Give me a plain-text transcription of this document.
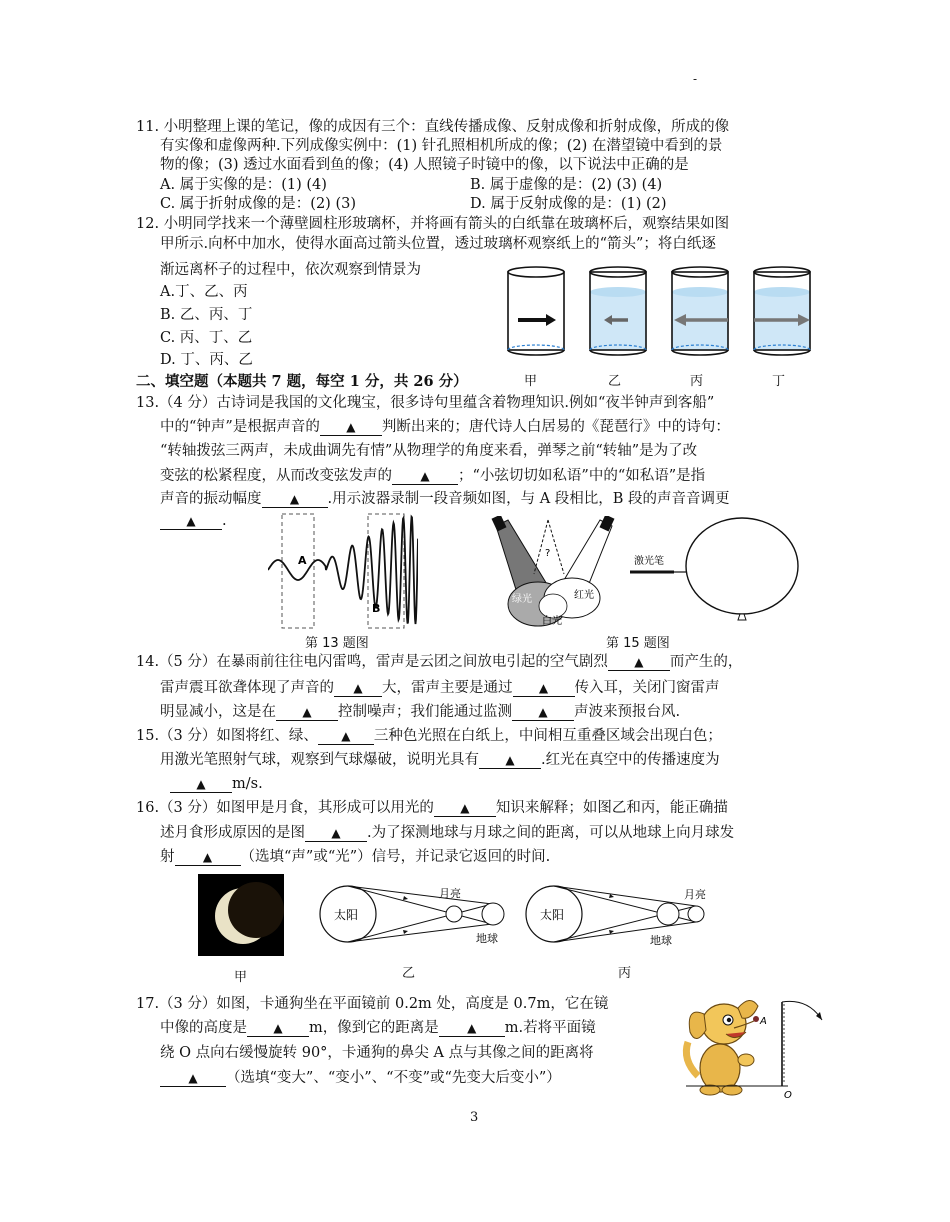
-
11. 小明整理上课的笔记，像的成因有三个：直线传播成像、反射成像和折射成像，所成的像
有实像和虚像两种.下列成像实例中：(1) 针孔照相机所成的像；(2) 在潜望镜中看到的景
物的像；(3) 透过水面看到鱼的像；(4) 人照镜子时镜中的像，以下说法中正确的是
A. 属于实像的是：(1) (4)	B. 属于虚像的是：(2) (3) (4)
C. 属于折射成像的是：(2) (3)	D. 属于反射成像的是：(1) (2)
12. 小明同学找来一个薄壁圆柱形玻璃杯，并将画有箭头的白纸靠在玻璃杯后，观察结果如图
甲所示.向杯中加水，使得水面高过箭头位置，透过玻璃杯观察纸上的“箭头”；将白纸逐
渐远离杯子的过程中，依次观察到情景为
A.丁、乙、丙
B. 乙、丙、丁
C. 丙、丁、乙
D. 丁、丙、乙
甲	乙	丙	丁
二、填空题（本题共 7 题，每空 1 分，共 26 分）
13.（4 分）古诗词是我国的文化瑰宝，很多诗句里蕴含着物理知识.例如“夜半钟声到客船”
中的“钟声”是根据声音的 ▲ 判断出来的；唐代诗人白居易的《琵琶行》中的诗句：
“转轴拨弦三两声，未成曲调先有情”从物理学的角度来看，弹琴之前“转轴”是为了改
变弦的松紧程度，从而改变弦发声的 ▲ ；“小弦切切如私语”中的“如私语”是指
声音的振动幅度 ▲ .用示波器录制一段音频如图，与 A 段相比，B 段的声音音调更
▲ .
A
B
第 13 题图
?
绿光	红光
白光
激光笔
第 15 题图
14.（5 分）在暴雨前往往电闪雷鸣，雷声是云团之间放电引起的空气剧烈 ▲ 而产生的，
雷声震耳欲聋体现了声音的 ▲ 大，雷声主要是通过 ▲ 传入耳，关闭门窗雷声
明显减小，这是在 ▲ 控制噪声；我们能通过监测 ▲ 声波来预报台风.
15.（3 分）如图将红、绿、 ▲ 三种色光照在白纸上，中间相互重叠区域会出现白色；
用激光笔照射气球，观察到气球爆破，说明光具有 ▲ .红光在真空中的传播速度为
▲ m/s.
16.（3 分）如图甲是月食，其形成可以用光的 ▲ 知识来解释；如图乙和丙，能正确描
述月食形成原因的是图 ▲ .为了探测地球与月球之间的距离，可以从地球上向月球发
射 ▲ （选填“声”或“光”）信号，并记录它返回的时间.
甲
太阳
月亮
地球
乙
太阳
月亮
地球
丙
17.（3 分）如图，卡通狗坐在平面镜前 0.2m 处，高度是 0.7m，它在镜
中像的高度是 ▲ m，像到它的距离是 ▲ m.若将平面镜
绕 O 点向右缓慢旋转 90°，卡通狗的鼻尖 A 点与其像之间的距离将
▲ （选填“变大”、“变小”、“不变”或“先变大后变小”）
A
O
3
